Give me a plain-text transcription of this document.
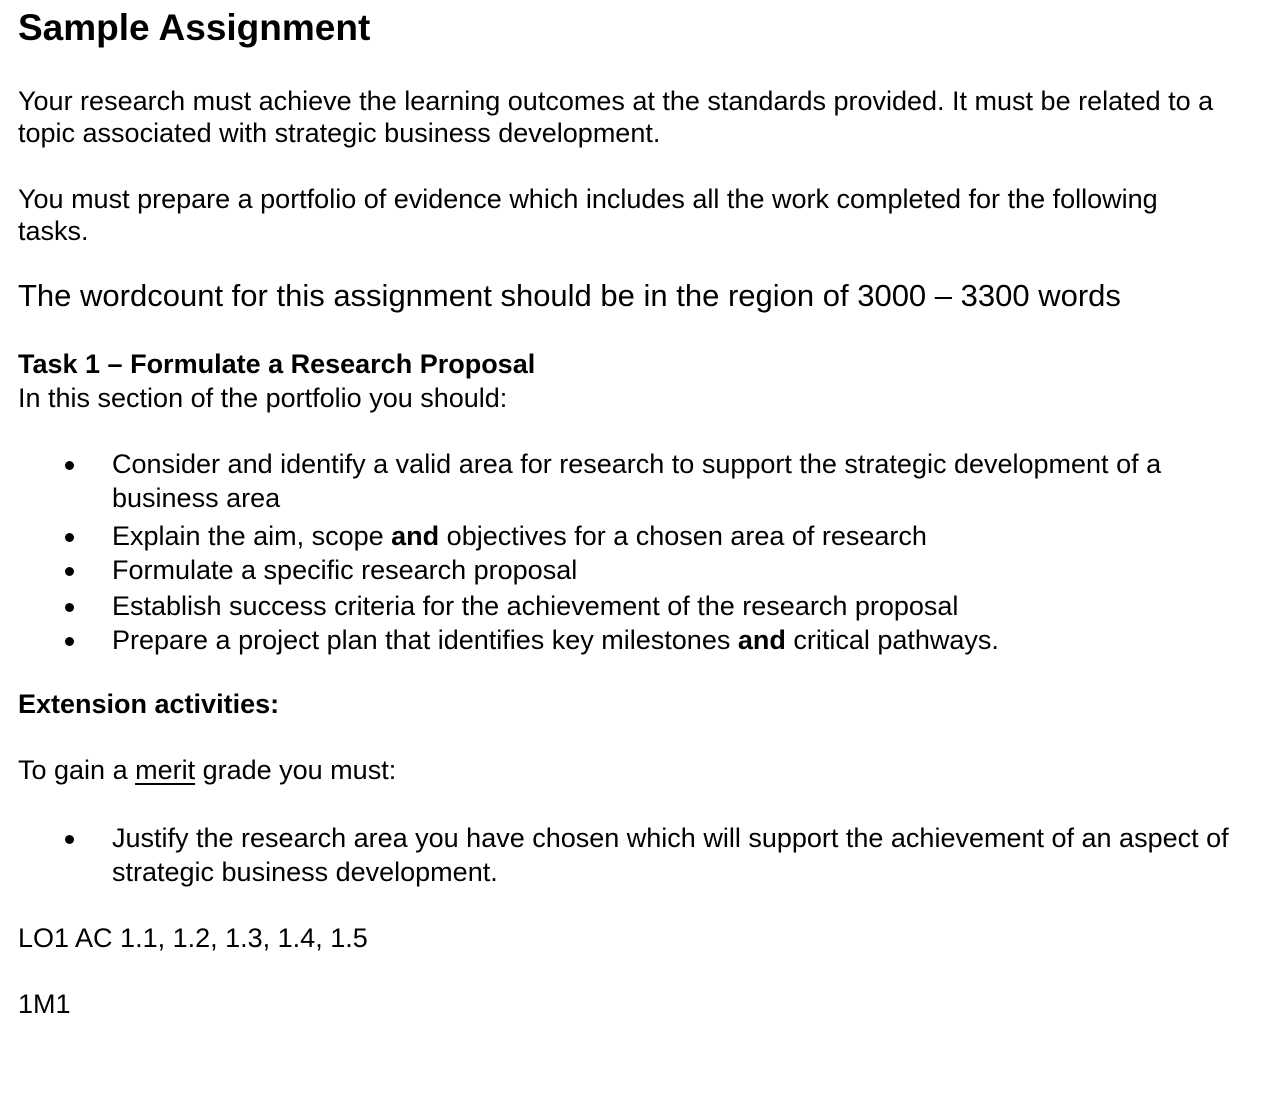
Sample Assignment

Your research must achieve the learning outcomes at the standards provided. It must be related to a topic associated with strategic business development.

You must prepare a portfolio of evidence which includes all the work completed for the following tasks.

The wordcount for this assignment should be in the region of 3000 – 3300 words

Task 1 – Formulate a Research Proposal

In this section of the portfolio you should:

Consider and identify a valid area for research to support the strategic development of a business area
Explain the aim, scope and objectives for a chosen area of research
Formulate a specific research proposal
Establish success criteria for the achievement of the research proposal
Prepare a project plan that identifies key milestones and critical pathways.

Extension activities:

To gain a merit grade you must:

Justify the research area you have chosen which will support the achievement of an aspect of strategic business development.

LO1 AC 1.1, 1.2, 1.3, 1.4, 1.5

1M1
